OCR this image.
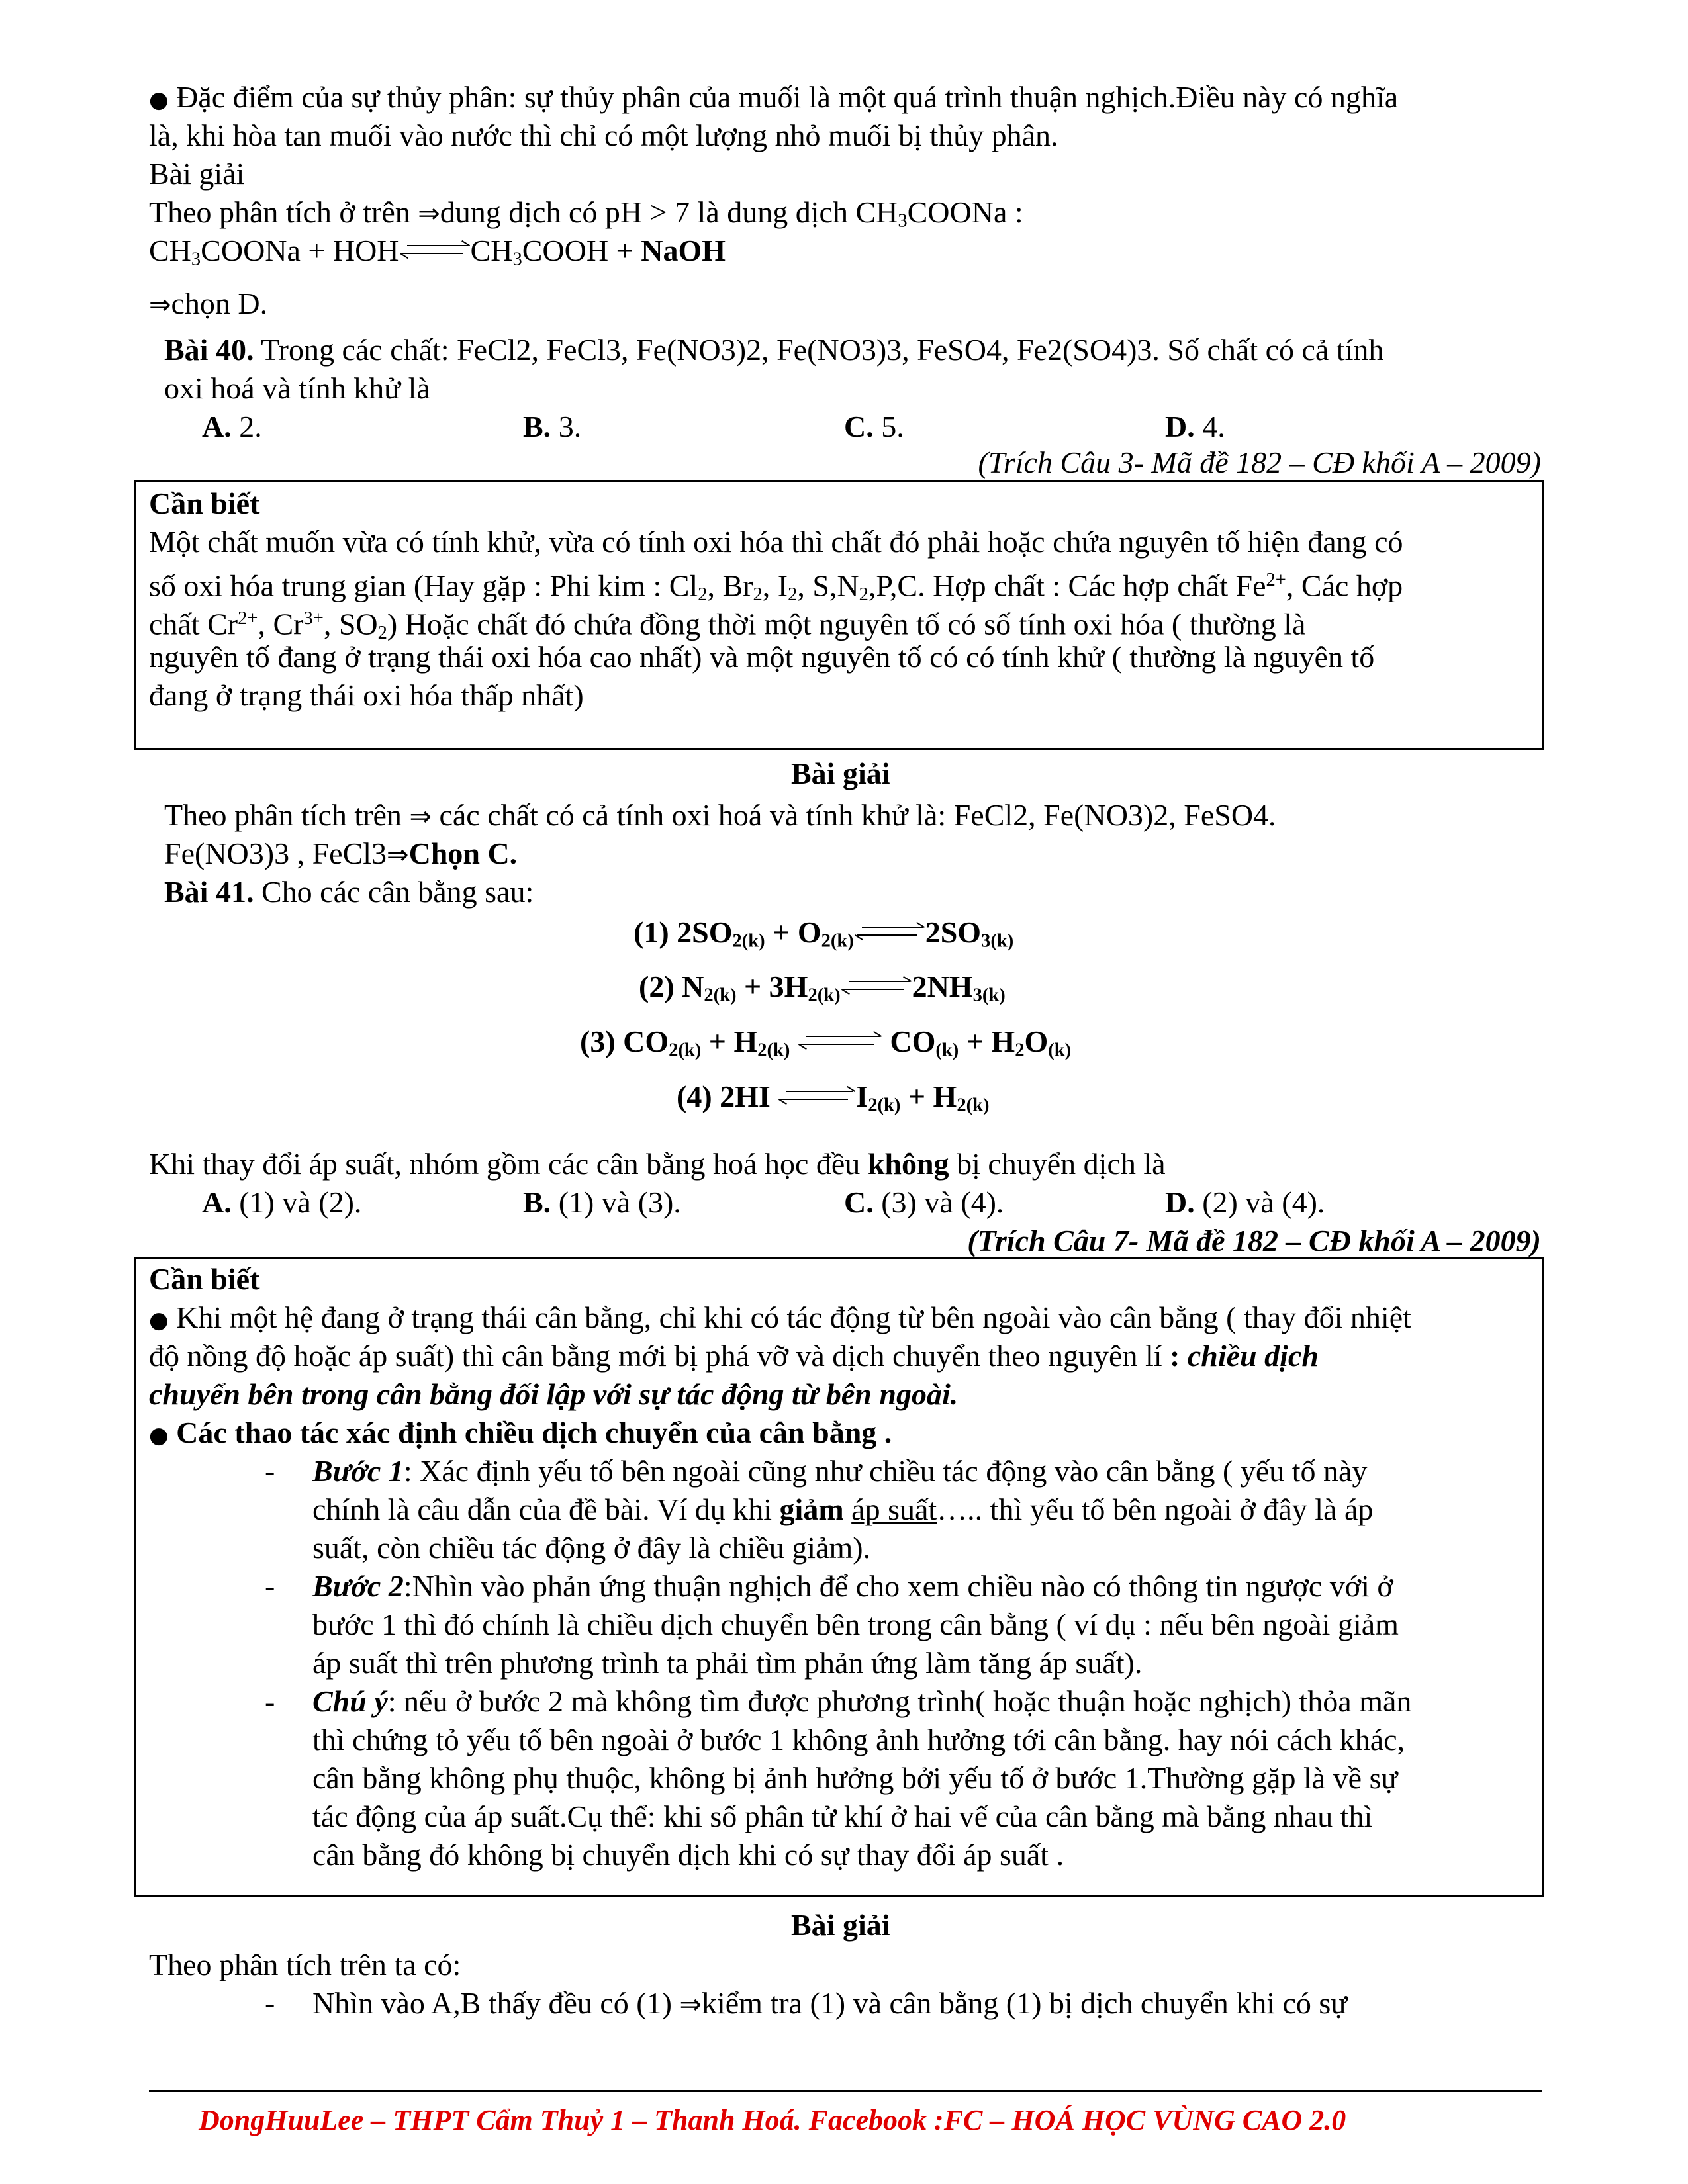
● Đặc điểm của sự thủy phân: sự thủy phân của muối là một quá trình thuận nghịch.Điều này có nghĩa
là, khi hòa tan muối vào nước thì chỉ có một lượng nhỏ muối bị thủy phân.
Bài giải
Theo phân tích ở trên ⇒dung dịch có pH > 7 là dung dịch $CH_3COONa$ :
$CH_3COONa$ + HOH $CH_3COOH$ + NaOH
⇒chọn D.
Bài 40. Trong các chất: FeCl2, FeCl3, Fe(NO3)2, Fe(NO3)3, FeSO4, Fe2(SO4)3. Số chất có cả tính
oxi hoá và tính khử là
A. 2.	B. 3.	C. 5.	D. 4.
(Trích Câu 3- Mã đề 182 – CĐ khối A – 2009)
Cần biết
Một chất muốn vừa có tính khử, vừa có tính oxi hóa thì chất đó phải hoặc chứa nguyên tố hiện đang có
số oxi hóa trung gian (Hay gặp : Phi kim : $Cl_2$, $Br_2$, $I_2$, $S,N_2,P,C$. Hợp chất : Các hợp chất $Fe^{2+}$, Các hợp
chất $Cr^{2+}$, $Cr^{3+}$, $SO_2$) Hoặc chất đó chứa đồng thời một nguyên tố có số tính oxi hóa ( thường là
nguyên tố đang ở trạng thái oxi hóa cao nhất) và một nguyên tố có có tính khử ( thường là nguyên tố
đang ở trạng thái oxi hóa thấp nhất)
Bài giải
Theo phân tích trên ⇒ các chất có cả tính oxi hoá và tính khử là: FeCl2, Fe(NO3)2, FeSO4.
Fe(NO3)3 , FeCl3⇒Chọn C.
Bài 41. Cho các cân bằng sau:
(1) $2SO_{2(k)} + O_{2(k)}$ $2SO_{3(k)}$
(2) $N_{2(k)} + 3H_{2(k)}$ $2NH_{3(k)}$
(3) $CO_{2(k)} + H_{2(k)}$	$CO_{(k)} + H_2O_{(k)}$
(4) 2HI	$I_{2(k)} + H_{2(k)}$
Khi thay đổi áp suất, nhóm gồm các cân bằng hoá học đều không bị chuyển dịch là
A. (1) và (2).	B. (1) và (3).	C. (3) và (4).	D. (2) và (4).
(Trích Câu 7- Mã đề 182 – CĐ khối A – 2009)
Cần biết
● Khi một hệ đang ở trạng thái cân bằng, chỉ khi có tác động từ bên ngoài vào cân bằng ( thay đổi nhiệt
độ nồng độ hoặc áp suất) thì cân bằng mới bị phá vỡ và dịch chuyển theo nguyên lí : chiều dịch
chuyển bên trong cân bằng đối lập với sự tác động từ bên ngoài.
● Các thao tác xác định chiều dịch chuyển của cân bằng .
- Bước 1: Xác định yếu tố bên ngoài cũng như chiều tác động vào cân bằng ( yếu tố này
chính là câu dẫn của đề bài. Ví dụ khi giảm áp suất….. thì yếu tố bên ngoài ở đây là áp
suất, còn chiều tác động ở đây là chiều giảm).
- Bước 2:Nhìn vào phản ứng thuận nghịch để cho xem chiều nào có thông tin ngược với ở
bước 1 thì đó chính là chiều dịch chuyển bên trong cân bằng ( ví dụ : nếu bên ngoài giảm
áp suất thì trên phương trình ta phải tìm phản ứng làm tăng áp suất).
- Chú ý: nếu ở bước 2 mà không tìm được phương trình( hoặc thuận hoặc nghịch) thỏa mãn
thì chứng tỏ yếu tố bên ngoài ở bước 1 không ảnh hưởng tới cân bằng. hay nói cách khác,
cân bằng không phụ thuộc, không bị ảnh hưởng bởi yếu tố ở bước 1.Thường gặp là về sự
tác động của áp suất.Cụ thể: khi số phân tử khí ở hai vế của cân bằng mà bằng nhau thì
cân bằng đó không bị chuyển dịch khi có sự thay đổi áp suất .
Bài giải
Theo phân tích trên ta có:
- Nhìn vào A,B thấy đều có (1) ⇒kiểm tra (1) và cân bằng (1) bị dịch chuyển khi có sự
DongHuuLee – THPT Cẩm Thuỷ 1 – Thanh Hoá. Facebook :FC – HOÁ HỌC VÙNG CAO 2.0
